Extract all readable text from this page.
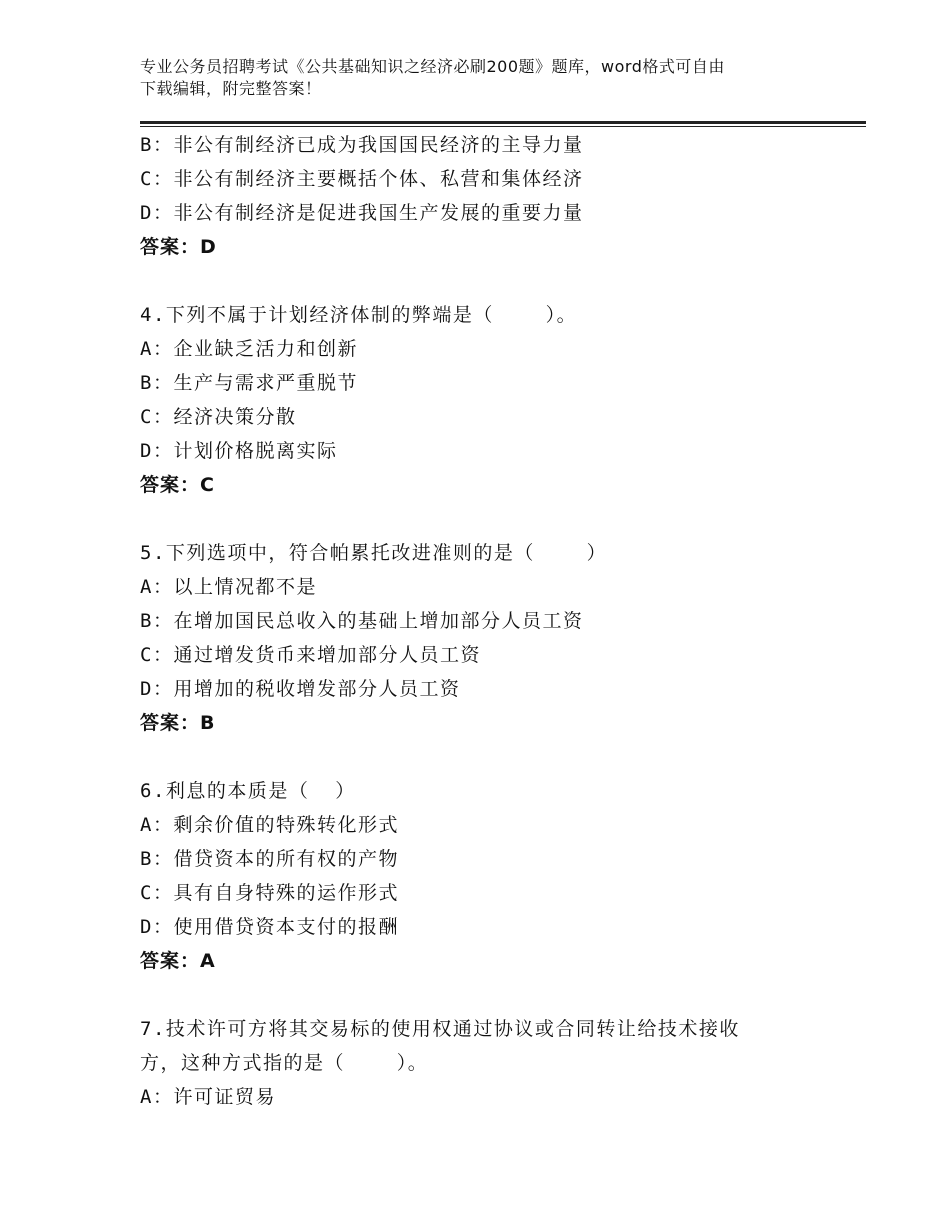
专业公务员招聘考试《公共基础知识之经济必刷200题》题库，word格式可自由
下载编辑，附完整答案！
B：非公有制经济已成为我国国民经济的主导力量
C：非公有制经济主要概括个体、私营和集体经济
D：非公有制经济是促进我国生产发展的重要力量
答案：D
4.下列不属于计划经济体制的弊端是（    ）。
A：企业缺乏活力和创新
B：生产与需求严重脱节
C：经济决策分散
D：计划价格脱离实际
答案：C
5.下列选项中，符合帕累托改进准则的是（    ）
A：以上情况都不是
B：在增加国民总收入的基础上增加部分人员工资
C：通过增发货币来增加部分人员工资
D：用增加的税收增发部分人员工资
答案：B
6.利息的本质是（  ）
A：剩余价值的特殊转化形式
B：借贷资本的所有权的产物
C：具有自身特殊的运作形式
D：使用借贷资本支付的报酬
答案：A
7.技术许可方将其交易标的使用权通过协议或合同转让给技术接收
方，这种方式指的是（    ）。
A：许可证贸易
